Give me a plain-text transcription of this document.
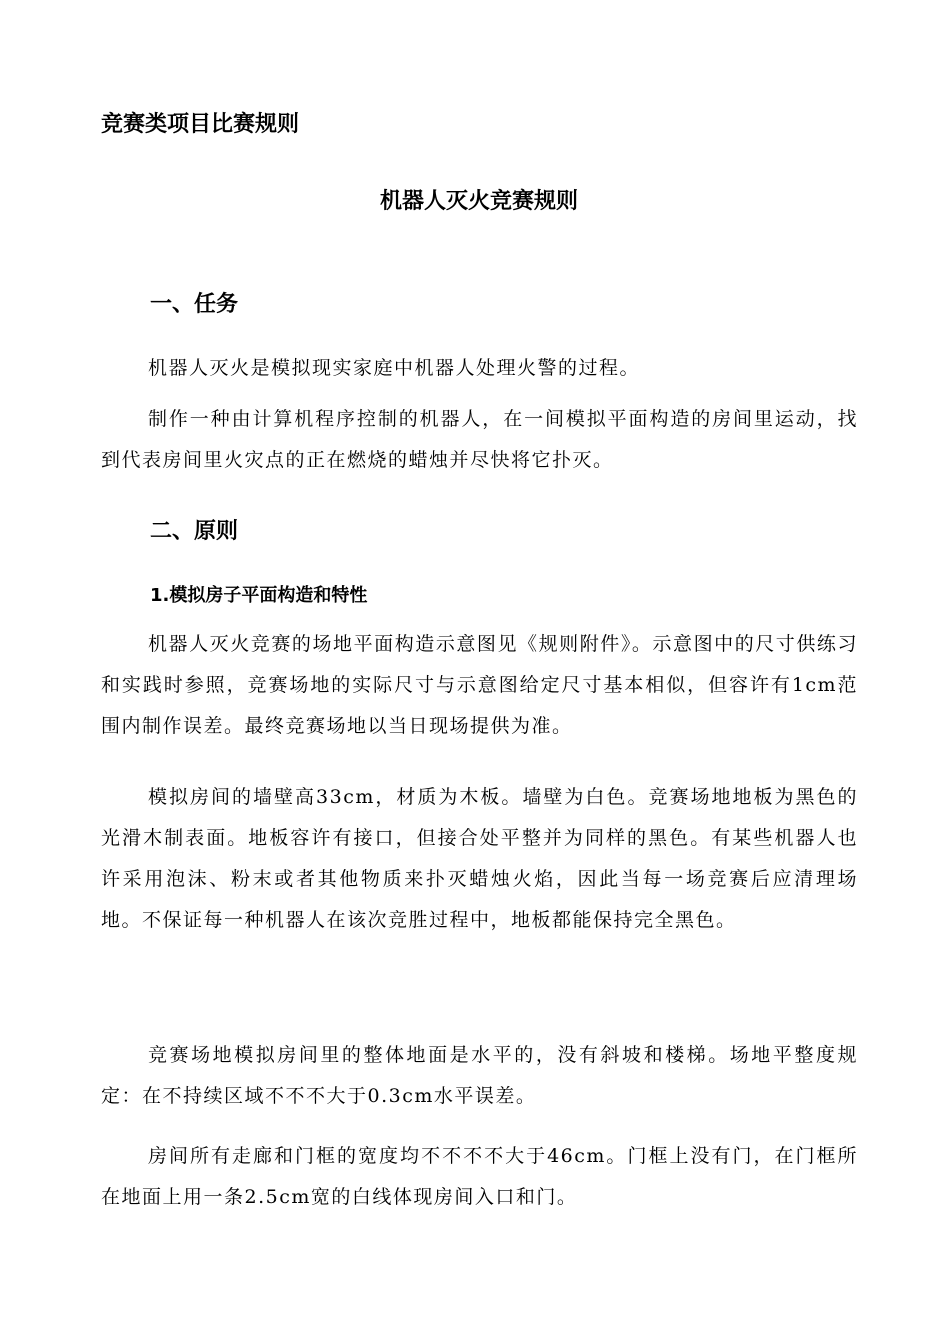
竞赛类项目比赛规则
机器人灭火竞赛规则
一、任务

机器人灭火是模拟现实家庭中机器人处理火警的过程。

制作一种由计算机程序控制的机器人，在一间模拟平面构造的房间里运动，找到代表房间里火灾点的正在燃烧的蜡烛并尽快将它扑灭。

二、原则
1.模拟房子平面构造和特性

机器人灭火竞赛的场地平面构造示意图见《规则附件》。示意图中的尺寸供练习和实践时参照，竞赛场地的实际尺寸与示意图给定尺寸基本相似，但容许有1cm范围内制作误差。最终竞赛场地以当日现场提供为准。

模拟房间的墙壁高33cm，材质为木板。墙壁为白色。竞赛场地地板为黑色的光滑木制表面。地板容许有接口，但接合处平整并为同样的黑色。有某些机器人也许采用泡沫、粉末或者其他物质来扑灭蜡烛火焰，因此当每一场竞赛后应清理场地。不保证每一种机器人在该次竞胜过程中，地板都能保持完全黑色。

竞赛场地模拟房间里的整体地面是水平的，没有斜坡和楼梯。场地平整度规定：在不持续区域不不不大于0.3cm水平误差。

房间所有走廊和门框的宽度均不不不不大于46cm。门框上没有门，在门框所在地面上用一条2.5cm宽的白线体现房间入口和门。
